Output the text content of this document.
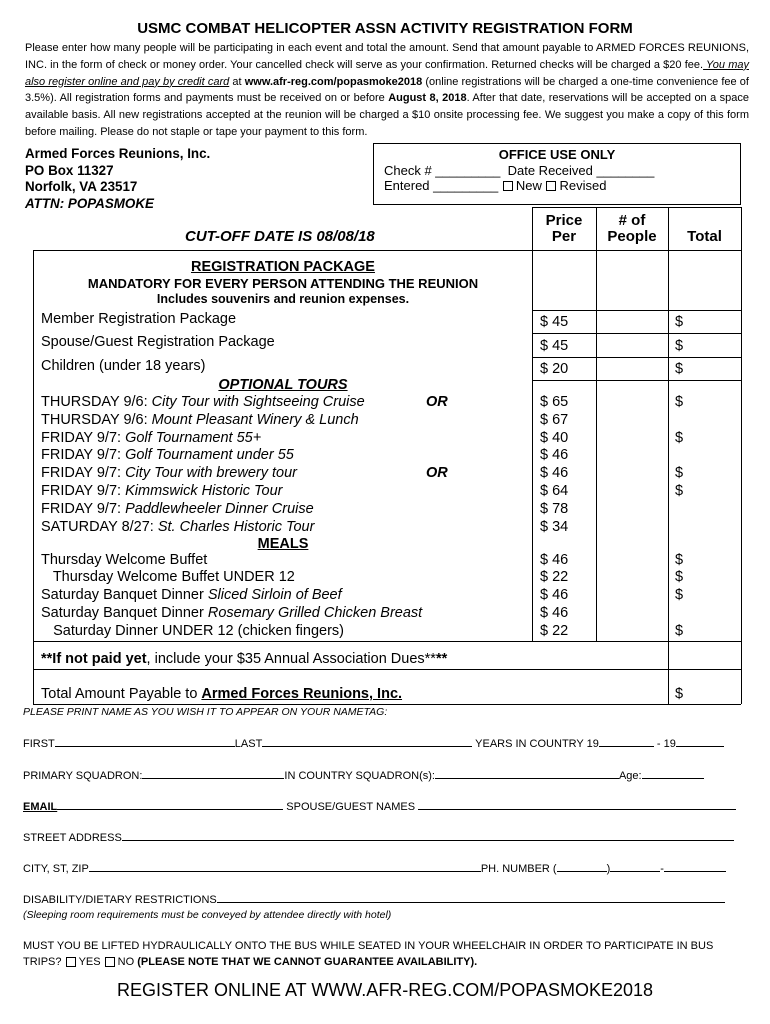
USMC COMBAT HELICOPTER ASSN ACTIVITY REGISTRATION FORM
Please enter how many people will be participating in each event and total the amount. Send that amount payable to ARMED FORCES REUNIONS, INC. in the form of check or money order. Your cancelled check will serve as your confirmation. Returned checks will be charged a $20 fee. You may also register online and pay by credit card at www.afr-reg.com/popasmoke2018 (online registrations will be charged a one-time convenience fee of 3.5%). All registration forms and payments must be received on or before August 8, 2018. After that date, reservations will be accepted on a space available basis. All new registrations accepted at the reunion will be charged a $10 onsite processing fee. We suggest you make a copy of this form before mailing. Please do not staple or tape your payment to this form.
Armed Forces Reunions, Inc.
PO Box 11327
Norfolk, VA 23517
ATTN: POPASMOKE
OFFICE USE ONLY
Check # _________ Date Received ________
Entered _________ New Revised
Price
Per
# of
People	Total
CUT-OFF DATE IS 08/08/18
REGISTRATION PACKAGE
MANDATORY FOR EVERY PERSON ATTENDING THE REUNION
Includes souvenirs and reunion expenses.
Member Registration Package	$ 45	$
Spouse/Guest Registration Package	$ 45	$
Children (under 18 years)	$ 20	$
OPTIONAL TOURS
THURSDAY 9/6: City Tour with Sightseeing Cruise	OR	$ 65	$
THURSDAY 9/6: Mount Pleasant Winery & Lunch	$ 67
FRIDAY 9/7: Golf Tournament 55+	$ 40	$
FRIDAY 9/7: Golf Tournament under 55	$ 46
FRIDAY 9/7: City Tour with brewery tour	OR	$ 46	$
FRIDAY 9/7: Kimmswick Historic Tour	$ 64	$
FRIDAY 9/7: Paddlewheeler Dinner Cruise	$ 78
SATURDAY 8/27: St. Charles Historic Tour	$ 34
MEALS
Thursday Welcome Buffet	$ 46	$
Thursday Welcome Buffet UNDER 12	$ 22	$
Saturday Banquet Dinner Sliced Sirloin of Beef	$ 46	$
Saturday Banquet Dinner Rosemary Grilled Chicken Breast	$ 46
Saturday Dinner UNDER 12 (chicken fingers)	$ 22	$
**If not paid yet, include your $35 Annual Association Dues****
Total Amount Payable to Armed Forces Reunions, Inc.	$
PLEASE PRINT NAME AS YOU WISH IT TO APPEAR ON YOUR NAMETAG:
FIRST	LAST	YEARS IN COUNTRY 19	- 19
PRIMARY SQUADRON:	IN COUNTRY SQUADRON(s):	Age:
EMAIL	SPOUSE/GUEST NAMES
STREET ADDRESS
CITY, ST, ZIP	PH. NUMBER (	)	-
DISABILITY/DIETARY RESTRICTIONS
(Sleeping room requirements must be conveyed by attendee directly with hotel)
MUST YOU BE LIFTED HYDRAULICALLY ONTO THE BUS WHILE SEATED IN YOUR WHEELCHAIR IN ORDER TO PARTICIPATE IN BUS TRIPS? YES NO (PLEASE NOTE THAT WE CANNOT GUARANTEE AVAILABILITY).
REGISTER ONLINE AT WWW.AFR-REG.COM/POPASMOKE2018
